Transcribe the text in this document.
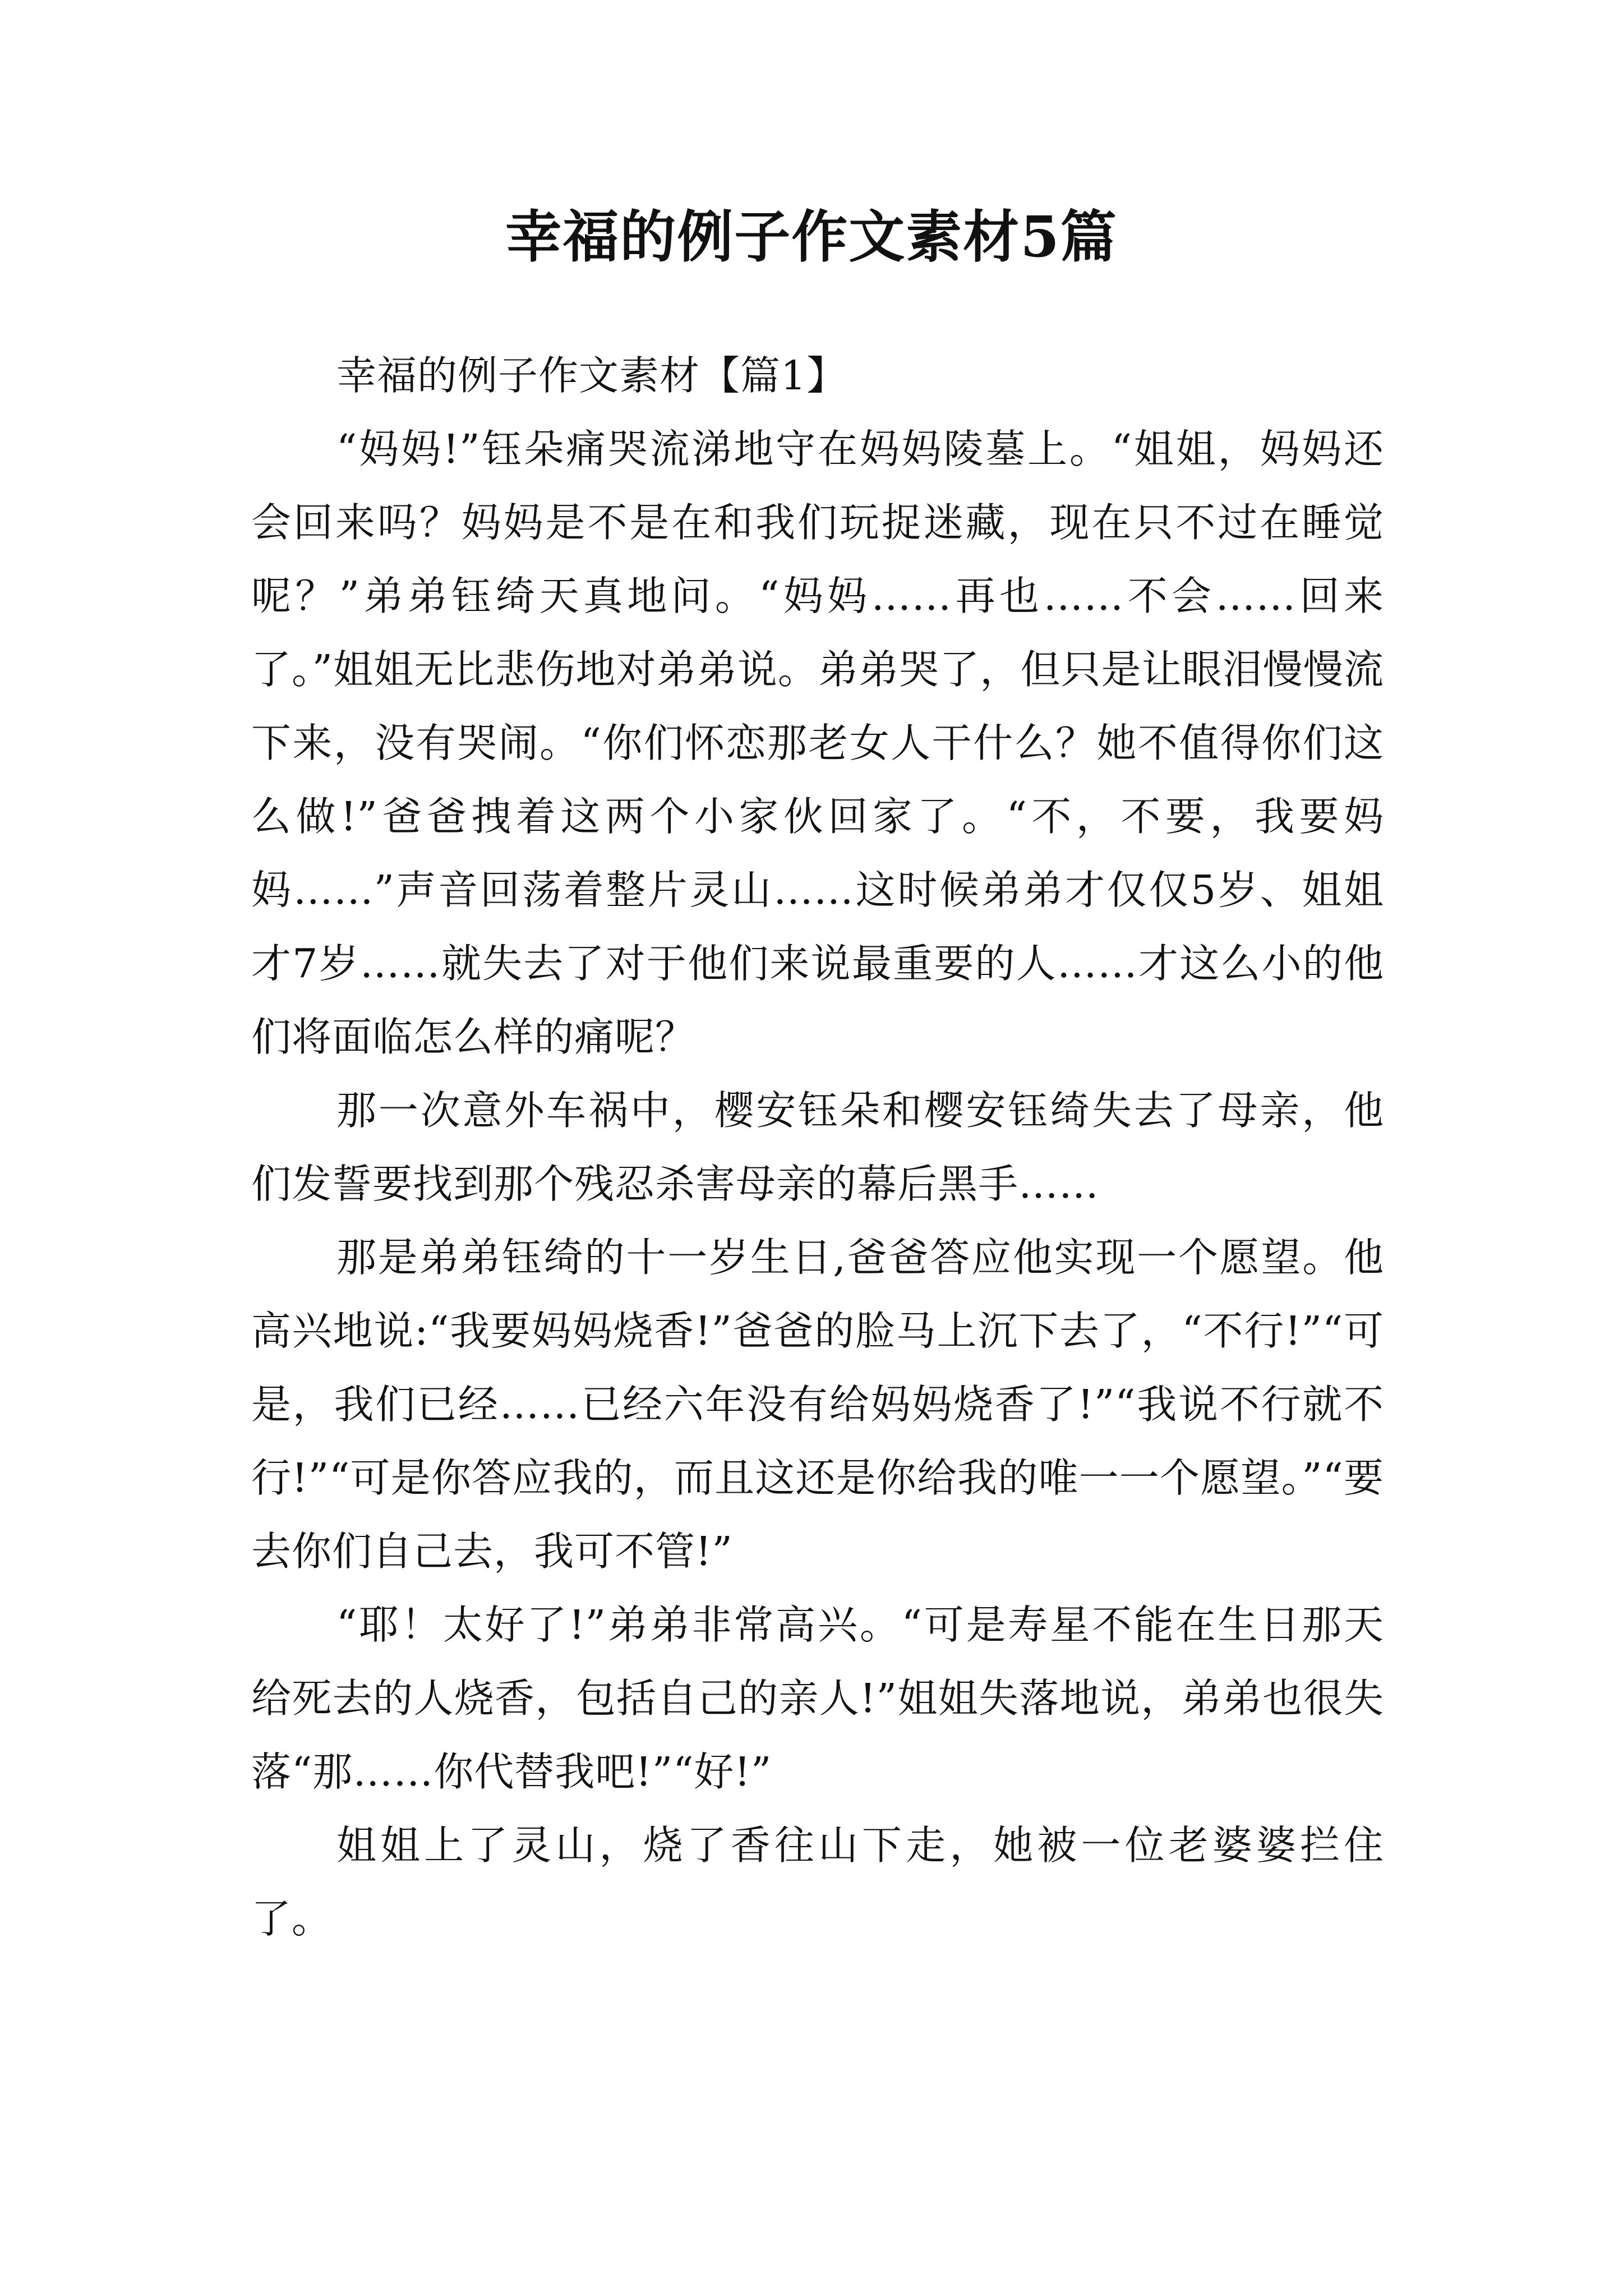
幸福的例子作文素材5篇

幸福的例子作文素材【篇1】

“妈妈!”钰朵痛哭流涕地守在妈妈陵墓上。“姐姐，妈妈还会回来吗？妈妈是不是在和我们玩捉迷藏，现在只不过在睡觉呢？”弟弟钰绮天真地问。“妈妈……再也……不会……回来了。”姐姐无比悲伤地对弟弟说。弟弟哭了，但只是让眼泪慢慢流下来，没有哭闹。“你们怀恋那老女人干什么？她不值得你们这么做!”爸爸拽着这两个小家伙回家了。“不，不要，我要妈妈……”声音回荡着整片灵山……这时候弟弟才仅仅5岁、姐姐才7岁……就失去了对于他们来说最重要的人……才这么小的他们将面临怎么样的痛呢？

那一次意外车祸中，樱安钰朵和樱安钰绮失去了母亲，他们发誓要找到那个残忍杀害母亲的幕后黑手……

那是弟弟钰绮的十一岁生日,爸爸答应他实现一个愿望。他高兴地说:“我要妈妈烧香!”爸爸的脸马上沉下去了，“不行!”“可是，我们已经……已经六年没有给妈妈烧香了!”“我说不行就不行!”“可是你答应我的，而且这还是你给我的唯一一个愿望。”“要去你们自己去，我可不管!”

“耶！太好了!”弟弟非常高兴。“可是寿星不能在生日那天给死去的人烧香，包括自己的亲人!”姐姐失落地说，弟弟也很失落“那……你代替我吧!”“好!”

姐姐上了灵山，烧了香往山下走，她被一位老婆婆拦住了。
